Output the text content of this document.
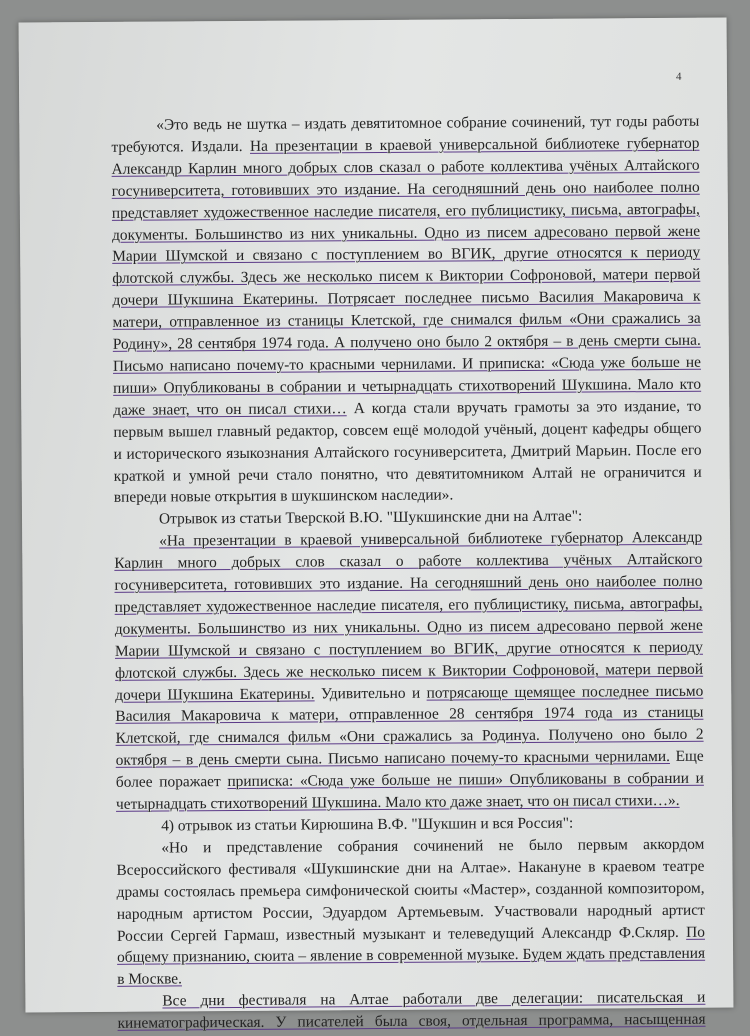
4

«Это ведь не шутка – издать девятитомное собрание сочинений, тут годы работы требуются. Издали. На презентации в краевой универсальной библиотеке губернатор Александр Карлин много добрых слов сказал о работе коллектива учёных Алтайского госуниверситета, готовивших это издание. На сегодняшний день оно наиболее полно представляет художественное наследие писателя, его публицистику, письма, автографы, документы. Большинство из них уникальны. Одно из писем адресовано первой жене Марии Шумской и связано с поступлением во ВГИК, другие относятся к периоду флотской службы. Здесь же несколько писем к Виктории Софроновой, матери первой дочери Шукшина Екатерины. Потрясает последнее письмо Василия Макаровича к матери, отправленное из станицы Клетской, где снимался фильм «Они сражались за Родину», 28 сентября 1974 года. А получено оно было 2 октября – в день смерти сына. Письмо написано почему-то красными чернилами. И приписка: «Сюда уже больше не пиши» Опубликованы в собрании и четырнадцать стихотворений Шукшина. Мало кто даже знает, что он писал стихи… А когда стали вручать грамоты за это издание, то первым вышел главный редактор, совсем ещё молодой учёный, доцент кафедры общего и исторического языкознания Алтайского госуниверситета, Дмитрий Марьин. После его краткой и умной речи стало понятно, что девятитомником Алтай не ограничится и впереди новые открытия в шукшинском наследии».

Отрывок из статьи Тверской В.Ю. "Шукшинские дни на Алтае":

«На презентации в краевой универсальной библиотеке губернатор Александр Карлин много добрых слов сказал о работе коллектива учёных Алтайского госуниверситета, готовивших это издание. На сегодняшний день оно наиболее полно представляет художественное наследие писателя, его публицистику, письма, автографы, документы. Большинство из них уникальны. Одно из писем адресовано первой жене Марии Шумской и связано с поступлением во ВГИК, другие относятся к периоду флотской службы. Здесь же несколько писем к Виктории Софроновой, матери первой дочери Шукшина Екатерины. Удивительно и потрясающе щемящее последнее письмо Василия Макаровича к матери, отправленное 28 сентября 1974 года из станицы Клетской, где снимался фильм «Они сражались за Родинуа. Получено оно было 2 октября – в день смерти сына. Письмо написано почему-то красными чернилами. Еще более поражает приписка: «Сюда уже больше не пиши» Опубликованы в собрании и четырнадцать стихотворений Шукшина. Мало кто даже знает, что он писал стихи…».

4) отрывок из статьи Кирюшина В.Ф. "Шукшин и вся Россия":

«Но и представление собрания сочинений не было первым аккордом Всероссийского фестиваля «Шукшинские дни на Алтае». Накануне в краевом театре драмы состоялась премьера симфонической сюиты «Мастер», созданной композитором, народным артистом России, Эдуардом Артемьевым. Участвовали народный артист России Сергей Гармаш, известный музыкант и телеведущий Александр Ф.Скляр. По общему признанию, сюита – явление в современной музыке. Будем ждать представления в Москве.

Все дни фестиваля на Алтае работали две делегации: писательская и кинематографическая. У писателей была своя, отдельная программа, насыщенная
